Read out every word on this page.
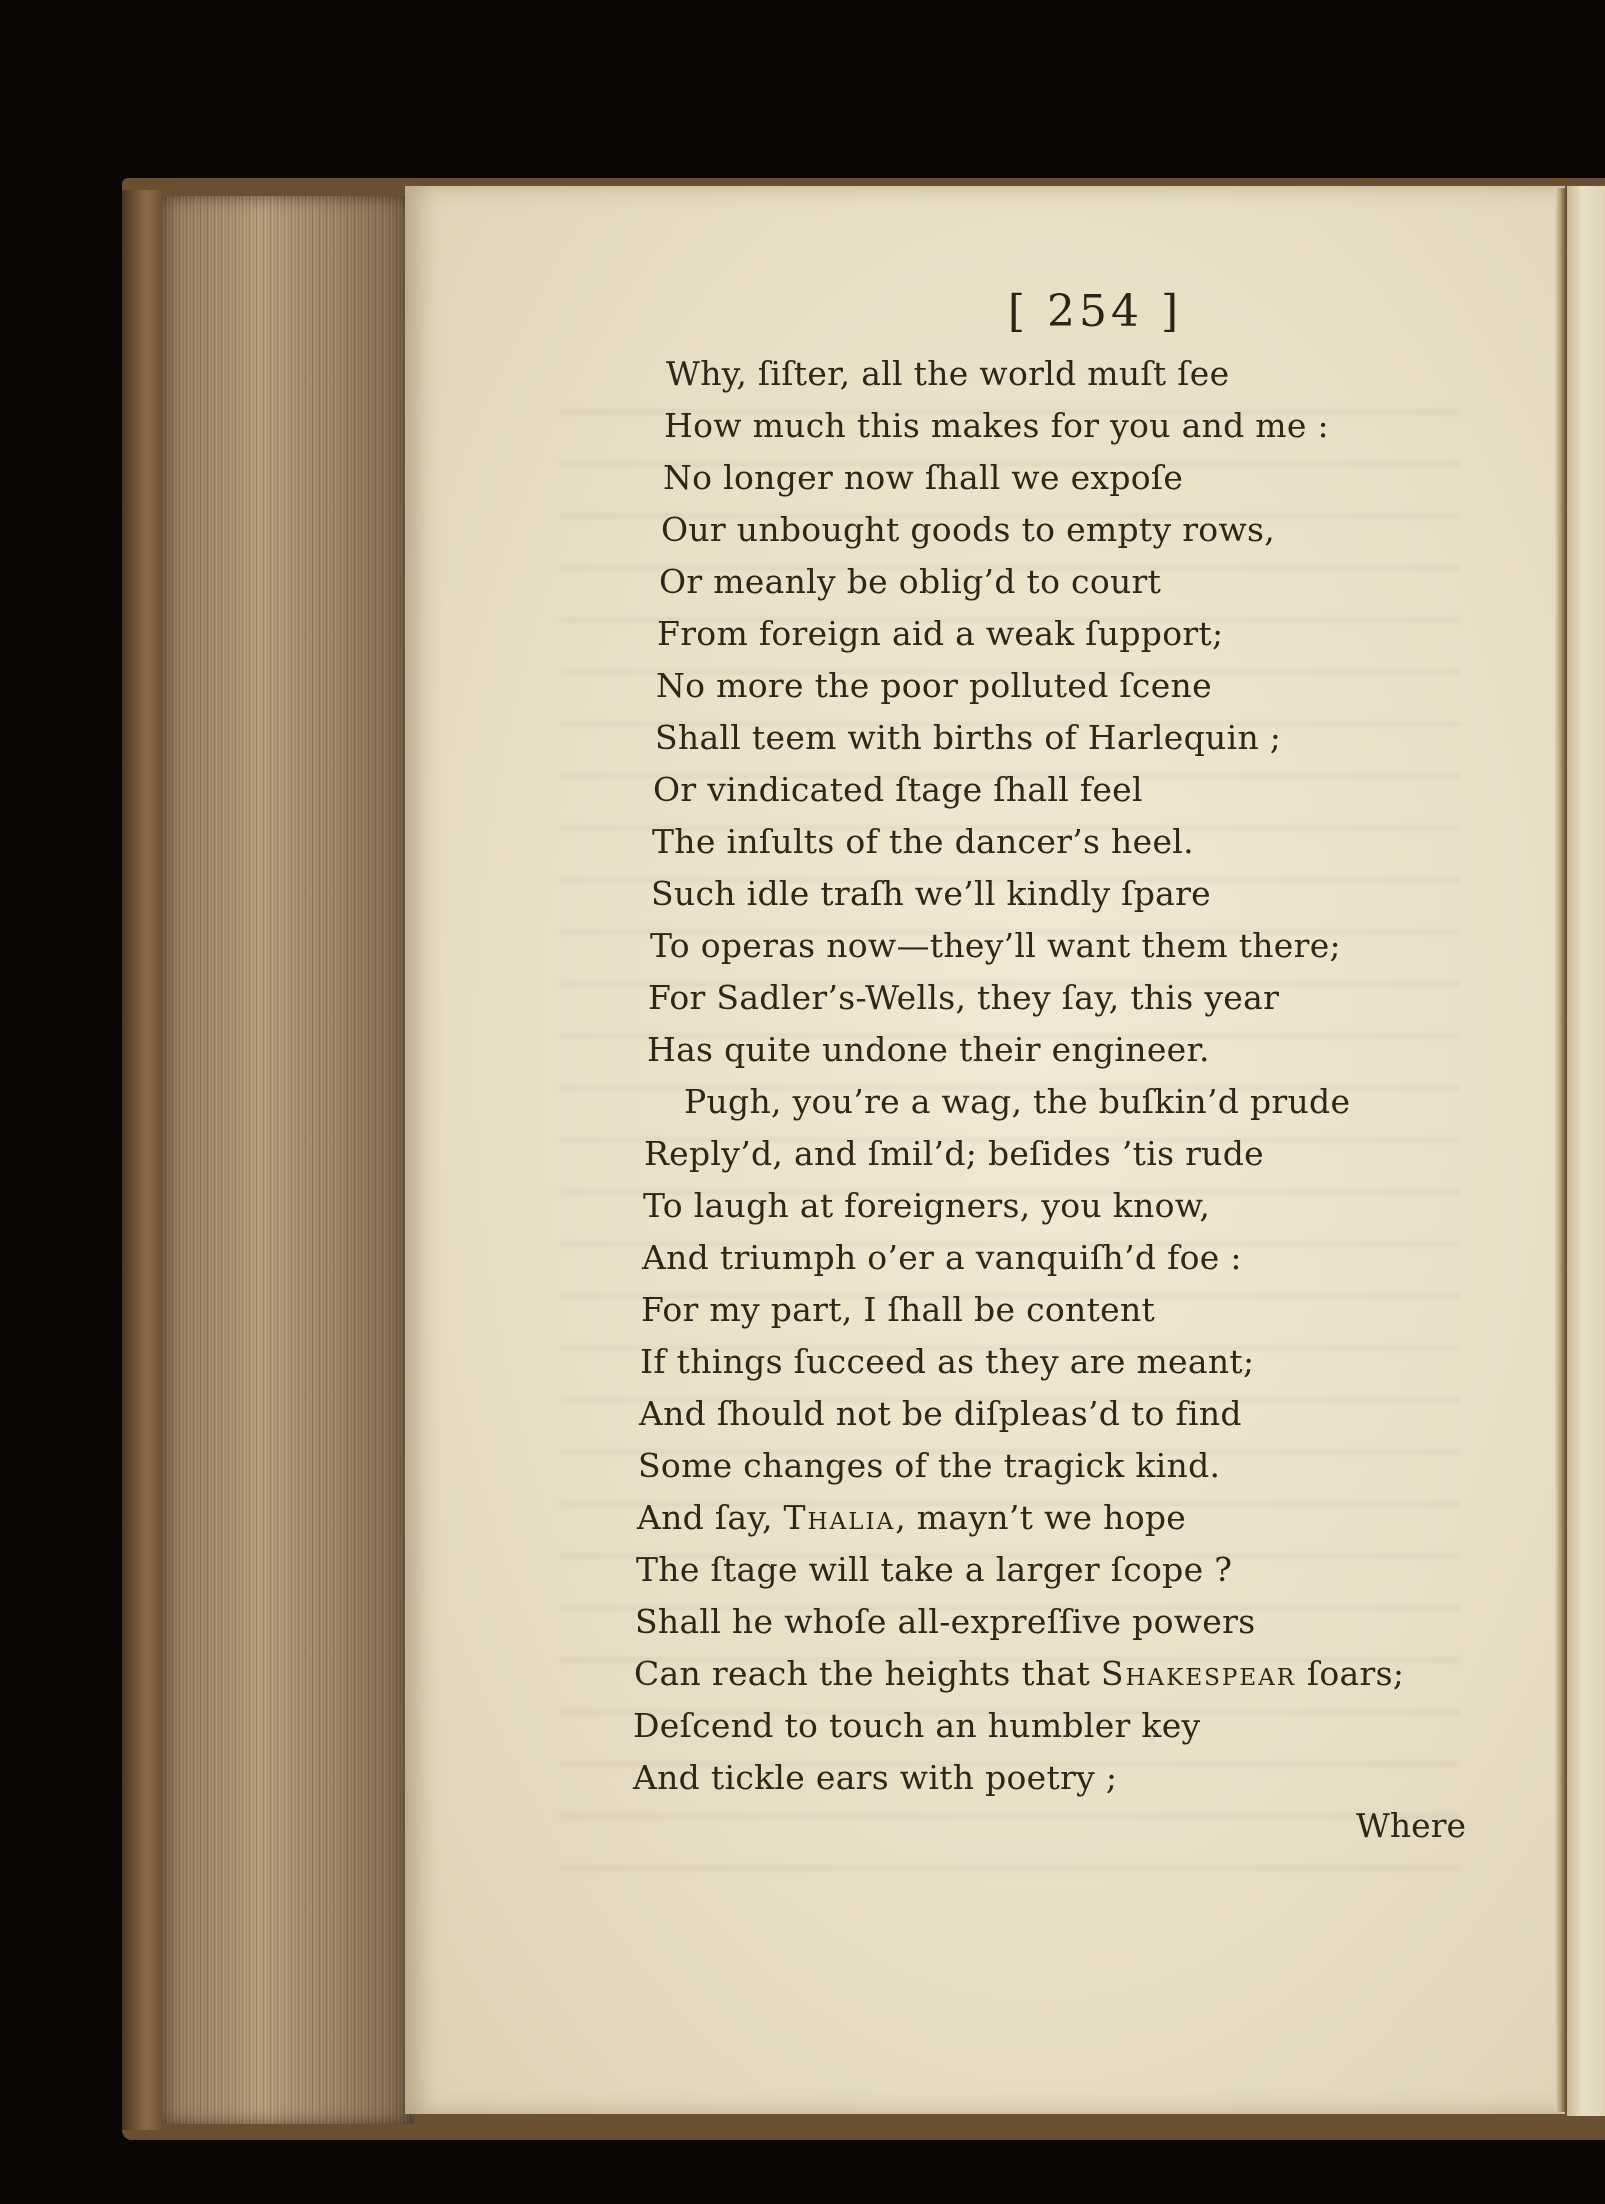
[ 254 ]

Why, ſiſter, all the world muſt ſee

How much this makes for you and me :

No longer now ſhall we expoſe

Our unbought goods to empty rows,

Or meanly be oblig’d to court

From foreign aid a weak ſupport;

No more the poor polluted ſcene

Shall teem with births of Harlequin ;

Or vindicated ſtage ſhall feel

The inſults of the dancer’s heel.

Such idle traſh we’ll kindly ſpare

To operas now—they’ll want them there;

For Sadler’s-Wells, they ſay, this year

Has quite undone their engineer.

Pugh, you’re a wag, the buſkin’d prude

Reply’d, and ſmil’d; beſides ’tis rude

To laugh at foreigners, you know,

And triumph o’er a vanquiſh’d foe :

For my part, I ſhall be content

If things ſucceed as they are meant;

And ſhould not be diſpleas’d to find

Some changes of the tragick kind.

And ſay, Thalia, mayn’t we hope

The ſtage will take a larger ſcope ?

Shall he whoſe all-expreſſive powers

Can reach the heights that Shakespear ſoars;

Deſcend to touch an humbler key

And tickle ears with poetry ;

Where
